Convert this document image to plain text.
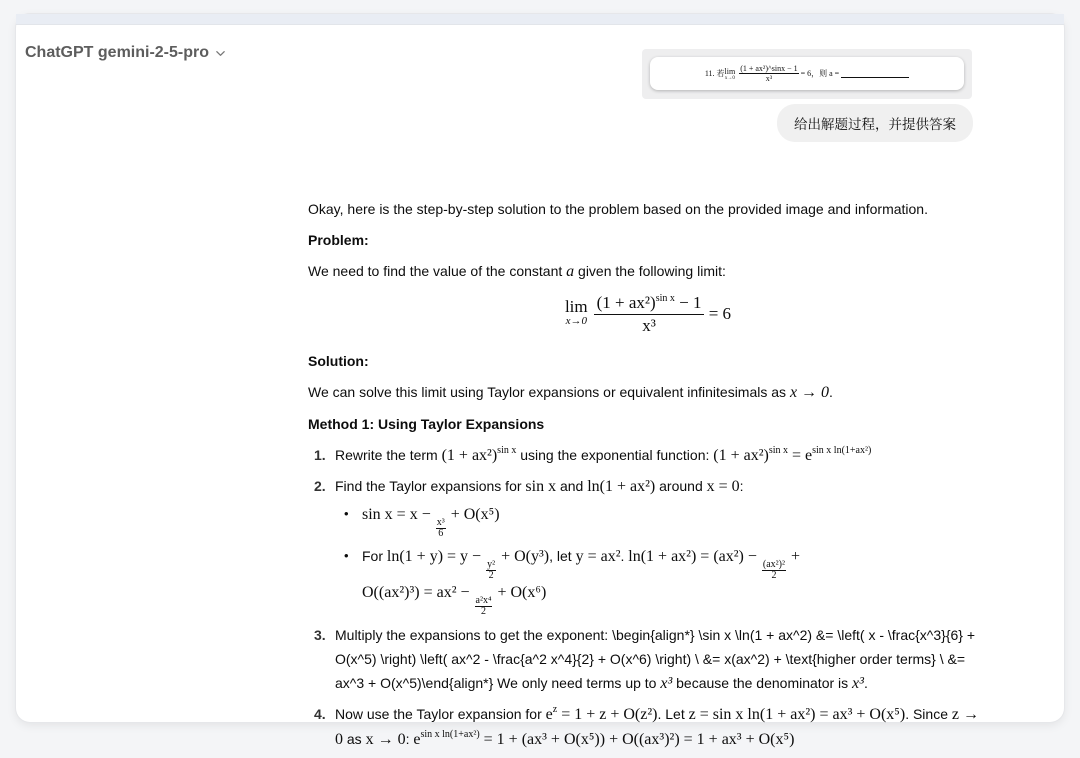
ChatGPT gemini-2-5-pro
11.
若 lim
$x\to 0 \frac{\text{(1 + ax²)\textasciicircum{}sinx − 1}}{\text{x³}} = 6$，则
a =
给出解题过程，并提供答案

Okay, here is the step-by-step solution to the problem based on the provided image and information.

Problem:

We need to find the value of the constant a given the following limit:

lim
$x\to 0 \frac{(1 + ax^2)^{sin x} - 1}{\text{x³}}$
= 6

Solution:

We can solve this limit using Taylor expansions or equivalent infinitesimals as x → 0.

Method 1: Using Taylor Expansions

1. Rewrite the term $(1 + ax^2)^{sin x}$ using the exponential function: $(1 + ax^2)^{sin x} = e^{sin x ln(1+ax^2)}$
2. Find the Taylor expansions for sin x and ln(1 + ax²) around x = 0:
• sin x = x −
$\frac{\text{x³}}{6}$
+ O(x⁵)
• For ln(1 + y) = y −
$\frac{\text{y²}}{2}$
+ O(y³), let y = ax². ln(1 + ax²) = (ax²) −
$\frac{\text{(ax²)²}}{2}$
+
O((ax²)³) = ax² −
$\frac{\text{a²x⁴}}{2}$
+ O(x⁶)
3. Multiply the expansions to get the exponent: \begin{align*} \sin x \ln(1 + ax^2) &= \left( x - \frac{x^3}{6} + O(x^5) \right) \left( ax^2 - \frac{a^2 x^4}{2} + O(x^6) \right) \ &= x(ax^2) + \text{higher order terms} \ &= ax^3 + O(x^5)\end{align*} We only need terms up to x³ because the denominator is x³.
4. Now use the Taylor expansion for $e^z = 1 + z + O(z^2)$. Let z = sin x ln(1 + ax²) = ax³ + O(x⁵). Since z → 0 as x → 0: $e^{sin x ln(1+ax^2)} = 1 + (ax^3 + O(x^5)) + O((ax^3)^2) = 1 + ax^3 + O(x^5)$
